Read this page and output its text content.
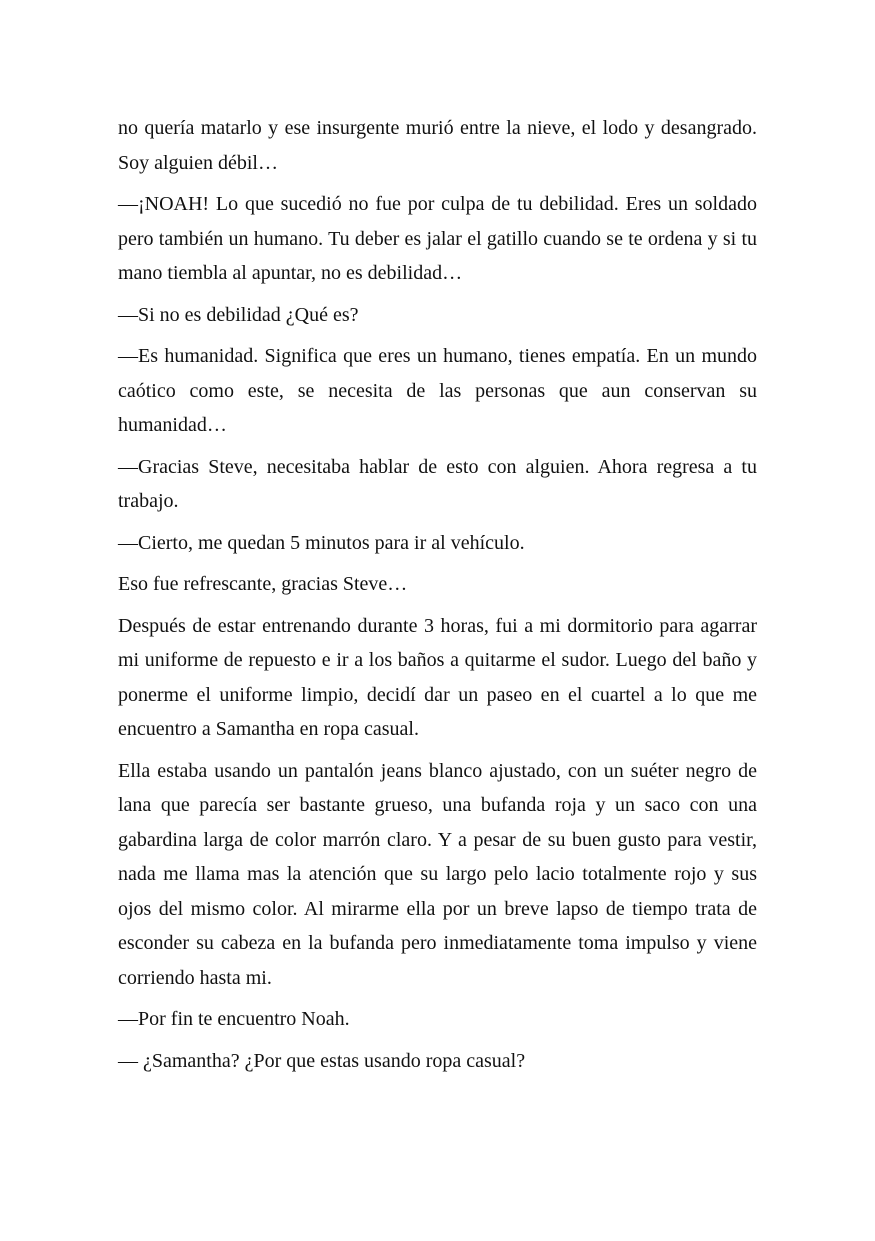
no quería matarlo y ese insurgente murió entre la nieve, el lodo y desangrado. Soy alguien débil…

—¡NOAH! Lo que sucedió no fue por culpa de tu debilidad. Eres un soldado pero también un humano. Tu deber es jalar el gatillo cuando se te ordena y si tu mano tiembla al apuntar, no es debilidad…

—Si no es debilidad ¿Qué es?

—Es humanidad. Significa que eres un humano, tienes empatía. En un mundo caótico como este, se necesita de las personas que aun conservan su humanidad…

—Gracias Steve, necesitaba hablar de esto con alguien. Ahora regresa a tu trabajo.

—Cierto, me quedan 5 minutos para ir al vehículo.

Eso fue refrescante, gracias Steve…

Después de estar entrenando durante 3 horas, fui a mi dormitorio para agarrar mi uniforme de repuesto e ir a los baños a quitarme el sudor. Luego del baño y ponerme el uniforme limpio, decidí dar un paseo en el cuartel a lo que me encuentro a Samantha en ropa casual.

Ella estaba usando un pantalón jeans blanco ajustado, con un suéter negro de lana que parecía ser bastante grueso, una bufanda roja y un saco con una gabardina larga de color marrón claro. Y a pesar de su buen gusto para vestir, nada me llama mas la atención que su largo pelo lacio totalmente rojo y sus ojos del mismo color. Al mirarme ella por un breve lapso de tiempo trata de esconder su cabeza en la bufanda pero inmediatamente toma impulso y viene corriendo hasta mi.

—Por fin te encuentro Noah.

— ¿Samantha? ¿Por que estas usando ropa casual?
